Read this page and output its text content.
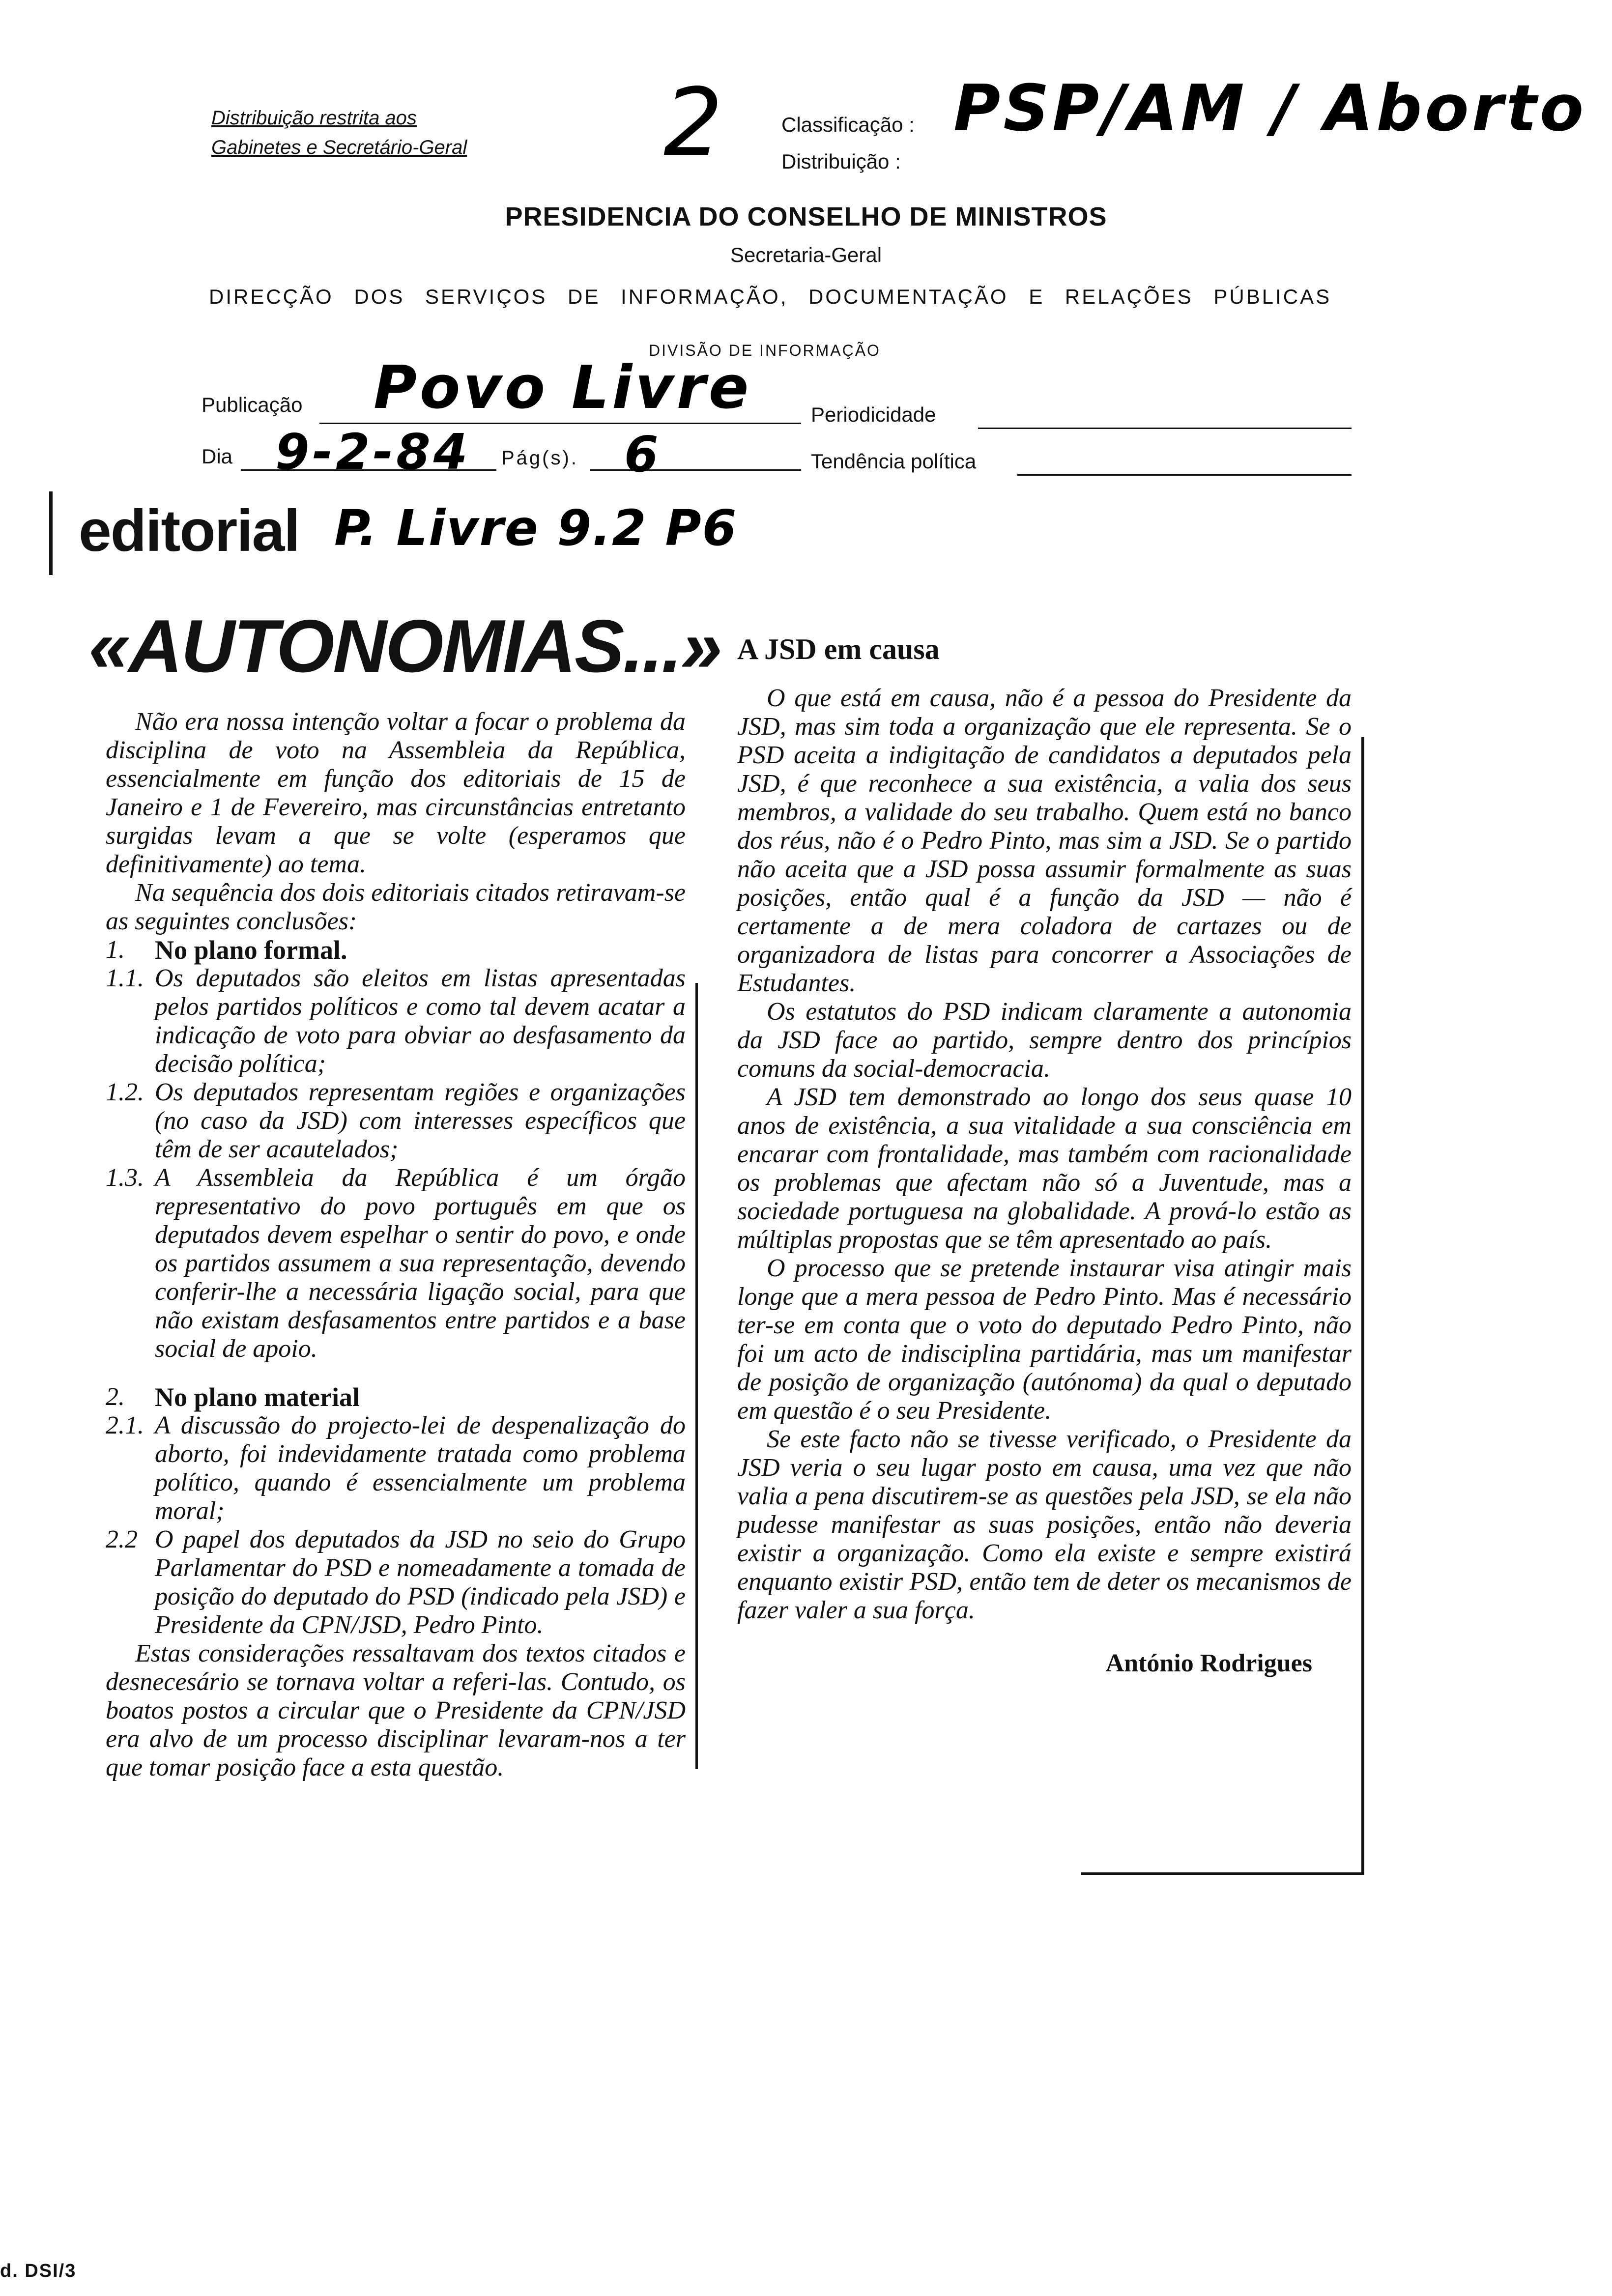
Distribuição restrita aos
Gabinetes e Secretário-Geral	2	Classificação :
Distribuição :
PSP/AM / Aborto
PRESIDENCIA DO CONSELHO DE MINISTROS
Secretaria-Geral
DIRECÇÃO DOS SERVIÇOS DE INFORMAÇÃO, DOCUMENTAÇÃO E RELAÇÕES PÚBLICAS
DIVISÃO DE INFORMAÇÃO
Publicação Povo Livre	Periodicidade
Dia 9-2-84 Pág(s). 6	Tendência política
editorial P. Livre 9.2 P6
«AUTONOMIAS...»

Não era nossa intenção voltar a focar o problema da disciplina de voto na Assembleia da República, essencialmente em função dos editoriais de 15 de Janeiro e 1 de Fevereiro, mas circunstâncias entretanto surgidas levam a que se volte (esperamos que definitivamente) ao tema.

Na sequência dos dois editoriais citados retiravam-se as seguintes conclusões:

1.	No plano formal.
1.1. Os deputados são eleitos em listas apresentadas pelos partidos políticos e como tal devem acatar a indicação de voto para obviar ao desfasamento da decisão política;
1.2. Os deputados representam regiões e organizações (no caso da JSD) com interesses específicos que têm de ser acautelados;
1.3. A Assembleia da República é um órgão representativo do povo português em que os deputados devem espelhar o sentir do povo, e onde os partidos assumem a sua representação, devendo conferir-lhe a necessária ligação social, para que não existam desfasamentos entre partidos e a base social de apoio.
2.	No plano material
2.1. A discussão do projecto-lei de despenalização do aborto, foi indevidamente tratada como problema político, quando é essencialmente um problema moral;
2.2 O papel dos deputados da JSD no seio do Grupo Parlamentar do PSD e nomeadamente a tomada de posição do deputado do PSD (indicado pela JSD) e Presidente da CPN/JSD, Pedro Pinto.

Estas considerações ressaltavam dos textos citados e desnecesário se tornava voltar a referi-las. Contudo, os boatos postos a circular que o Presidente da CPN/JSD era alvo de um processo disciplinar levaram-nos a ter que tomar posição face a esta questão.

A JSD em causa

O que está em causa, não é a pessoa do Presidente da JSD, mas sim toda a organização que ele representa. Se o PSD aceita a indigitação de candidatos a deputados pela JSD, é que reconhece a sua existência, a valia dos seus membros, a validade do seu trabalho. Quem está no banco dos réus, não é o Pedro Pinto, mas sim a JSD. Se o partido não aceita que a JSD possa assumir formalmente as suas posições, então qual é a função da JSD — não é certamente a de mera coladora de cartazes ou de organizadora de listas para concorrer a Associações de Estudantes.

Os estatutos do PSD indicam claramente a autonomia da JSD face ao partido, sempre dentro dos princípios comuns da social-democracia.

A JSD tem demonstrado ao longo dos seus quase 10 anos de existência, a sua vitalidade a sua consciência em encarar com frontalidade, mas também com racionalidade os problemas que afectam não só a Juventude, mas a sociedade portuguesa na globalidade. A prová-lo estão as múltiplas propostas que se têm apresentado ao país.

O processo que se pretende instaurar visa atingir mais longe que a mera pessoa de Pedro Pinto. Mas é necessário ter-se em conta que o voto do deputado Pedro Pinto, não foi um acto de indisciplina partidária, mas um manifestar de posição de organização (autónoma) da qual o deputado em questão é o seu Presidente.

Se este facto não se tivesse verificado, o Presidente da JSD veria o seu lugar posto em causa, uma vez que não valia a pena discutirem-se as questões pela JSD, se ela não pudesse manifestar as suas posições, então não deveria existir a organização. Como ela existe e sempre existirá enquanto existir PSD, então tem de deter os mecanismos de fazer valer a sua força.

António Rodrigues
d. DSI/3
